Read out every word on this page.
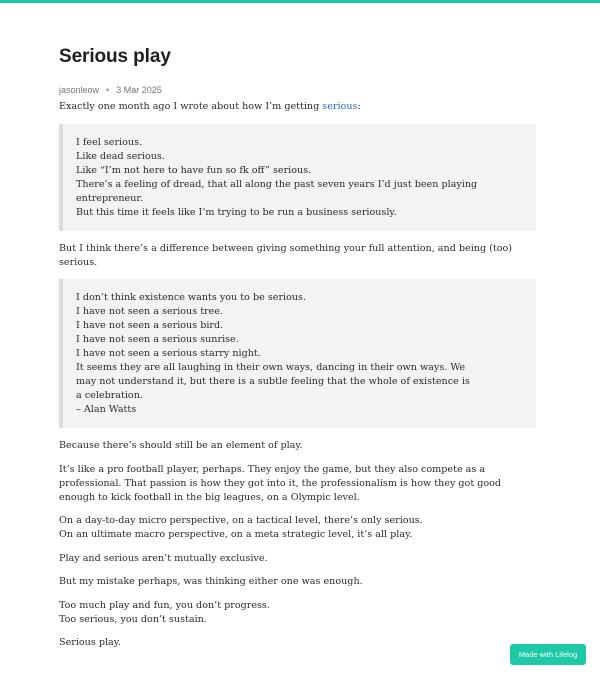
Serious play
jasonleow • 3 Mar 2025

Exactly one month ago I wrote about how I’m getting serious:

I feel serious.
Like dead serious.
Like “I’m not here to have fun so fk off” serious.
There’s a feeling of dread, that all along the past seven years I’d just been playing entrepreneur.
But this time it feels like I’m trying to be run a business seriously.

But I think there’s a difference between giving something your full attention, and being (too) serious.

I don’t think existence wants you to be serious.
I have not seen a serious tree.
I have not seen a serious bird.
I have not seen a serious sunrise.
I have not seen a serious starry night.
It seems they are all laughing in their own ways, dancing in their own ways. We may not understand it, but there is a subtle feeling that the whole of existence is a celebration.
– Alan Watts

Because there’s should still be an element of play.

It’s like a pro football player, perhaps. They enjoy the game, but they also compete as a professional. That passion is how they got into it, the professionalism is how they got good enough to kick football in the big leagues, on a Olympic level.

On a day-to-day micro perspective, on a tactical level, there’s only serious.
On an ultimate macro perspective, on a meta strategic level, it’s all play.

Play and serious aren’t mutually exclusive.

But my mistake perhaps, was thinking either one was enough.

Too much play and fun, you don’t progress.
Too serious, you don’t sustain.

Serious play.

Made with Lifelog
